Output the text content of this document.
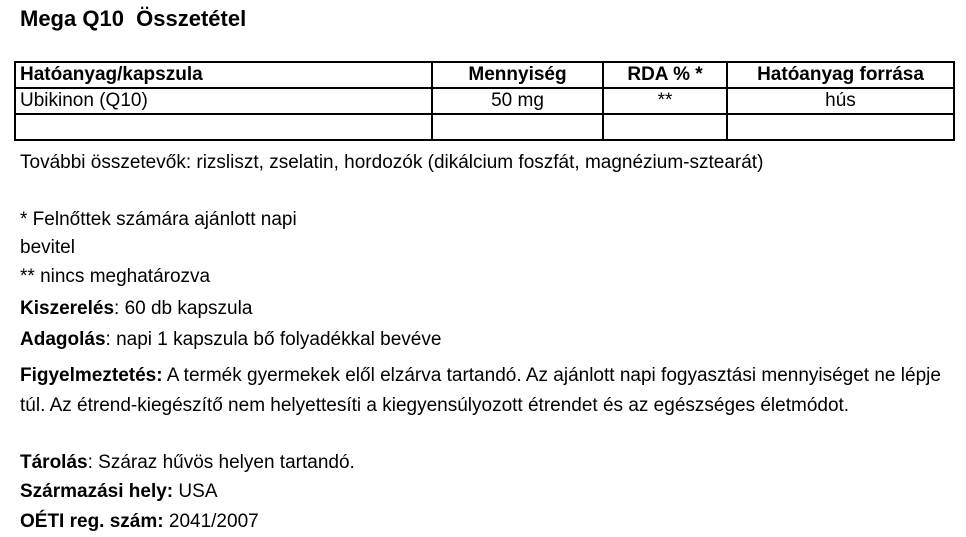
Mega Q10  Összetétel
Hatóanyag/kapszula	Mennyiség	RDA % *	Hatóanyag forrása
Ubikinon (Q10)	50 mg	**	hús

További összetevők: rizsliszt, zselatin, hordozók (dikálcium foszfát, magnézium-sztearát)
* Felnőttek számára ajánlott napi
bevitel
** nincs meghatározva
Kiszerelés: 60 db kapszula
Adagolás: napi 1 kapszula bő folyadékkal bevéve
Figyelmeztetés: A termék gyermekek elől elzárva tartandó. Az ajánlott napi fogyasztási mennyiséget ne lépje túl. Az étrend-kiegészítő nem helyettesíti a kiegyensúlyozott étrendet és az egészséges életmódot.
Tárolás: Száraz hűvös helyen tartandó.
Származási hely: USA
OÉTI reg. szám: 2041/2007
